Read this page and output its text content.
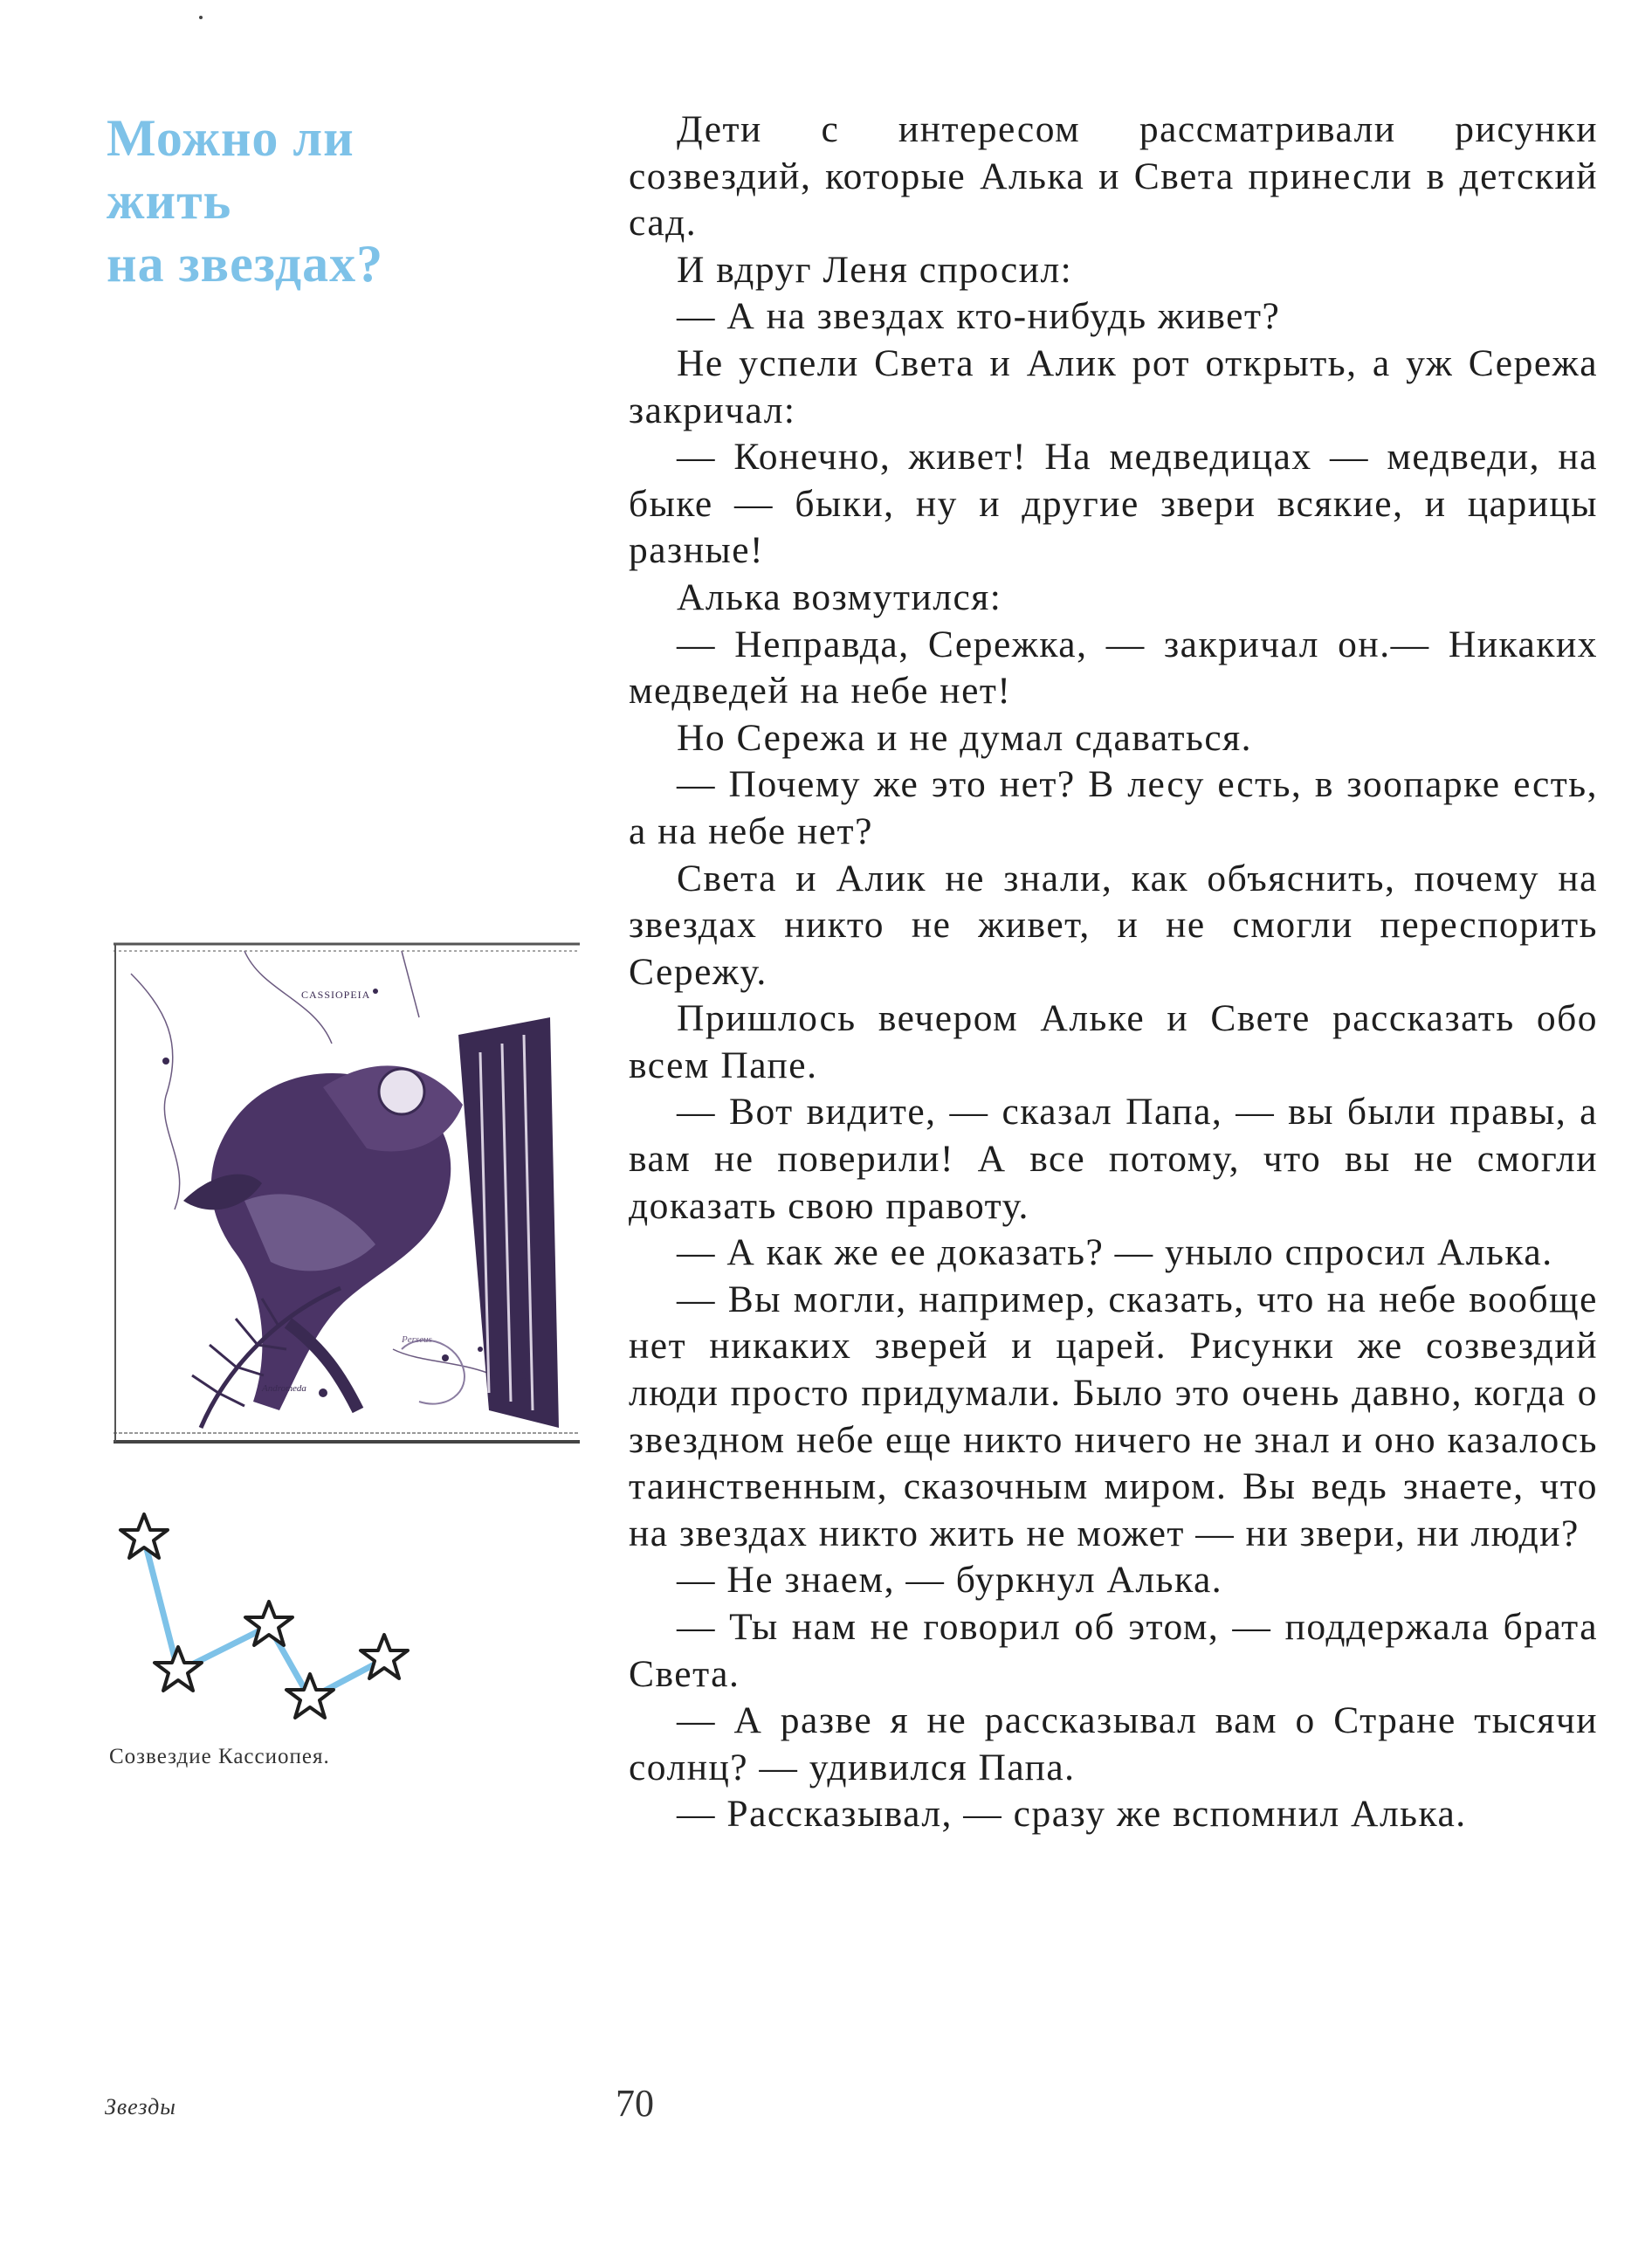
Можно ли
жить
на звездах?

Дети с интересом рассматривали рисунки созвездий, которые Алька и Света принесли в детский сад.

И вдруг Леня спросил:

— А на звездах кто-нибудь живет?

Не успели Света и Алик рот открыть, а уж Сережа закричал:

— Конечно, живет! На медведицах — медведи, на быке — быки, ну и другие звери всякие, и царицы разные!

Алька возмутился:

— Неправда, Сережка, — закричал он.— Никаких медведей на небе нет!

Но Сережа и не думал сдаваться.

— Почему же это нет? В лесу есть, в зоопарке есть, а на небе нет?

Света и Алик не знали, как объяснить, почему на звездах никто не живет, и не смогли переспорить Сережу.

Пришлось вечером Альке и Свете рассказать обо всем Папе.

— Вот видите, — сказал Папа, — вы были правы, а вам не поверили! А все потому, что вы не смогли доказать свою правоту.

— А как же ее доказать? — уныло спросил Алька.

— Вы могли, например, сказать, что на небе вообще нет никаких зверей и царей. Рисунки же созвездий люди просто придумали. Было это очень давно, когда о звездном небе еще никто ничего не знал и оно казалось таинственным, сказочным миром. Вы ведь знаете, что на звездах никто жить не может — ни звери, ни люди?

— Не знаем, — буркнул Алька.

— Ты нам не говорил об этом, — поддержала брата Света.

— А разве я не рассказывал вам о Стране тысячи солнц? — удивился Папа.

— Рассказывал, — сразу же вспомнил Алька.

CASSIOPEIA
Andromeda
Perseus
Созвездие Кассиопея.
Звезды	70
